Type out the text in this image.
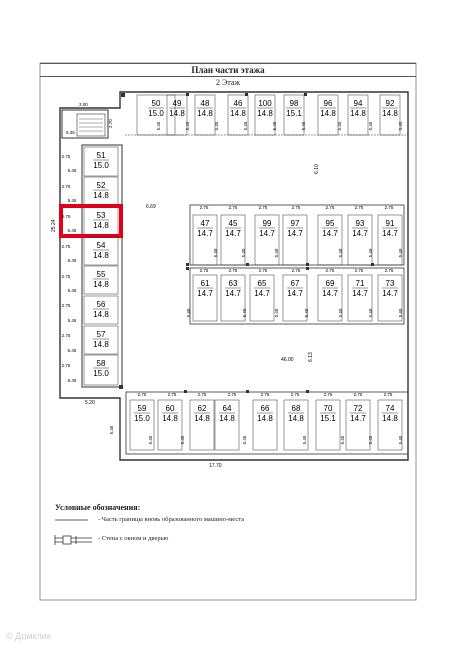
План части этажа
2 Этаж
50
15.0
49
14.8
48
14.8
46
14.8
100
14.8
98
15.1
96
14.8
94
14.8
92
14.8
51
15.0
52
14.8
53
14.8
54
14.8
55
14.8
56
14.8
57
14.8
58
15.0
47
14.7
45
14.7
99
14.7
97
14.7
95
14.7
93
14.7
91
14.7
61
14.7
63
14.7
65
14.7
67
14.7
69
14.7
71
14.7
73
14.7
59
15.0
60
14.8
62
14.8
64
14.8
66
14.8
68
14.8
70
15.1
72
14.7
74
14.8
2.75	2.75	2.75	2.75	2.75	2.75	2.75
2.75	2.75	2.75	2.75	2.75	2.75	2.75
2.75	2.75	2.75	2.75	2.75	2.75	2.75	2.75	2.75
2.75
2.75
2.75
2.75
2.75
2.75
2.75
2.75
5.45
5.45
5.45
5.45
5.45
5.45
5.45
5.45
5.45	5.45	5.45	5.45	5.45	5.45	5.45	5.45	5.45
5.40	5.40	5.40	5.40	5.40	5.40
5.40	5.40	5.40	5.40	5.40	5.40	5.40
5.45	5.45	5.45	5.45	5.45	5.45	5.45
5.45
3.00
2.70
5.35
25.24
5.20
17.70
6.10
6.13
46.00
6.69
Условные обозначения:
- Часть границы вновь образованного машино-места
- Стена с окном и дверью
© Домклик
